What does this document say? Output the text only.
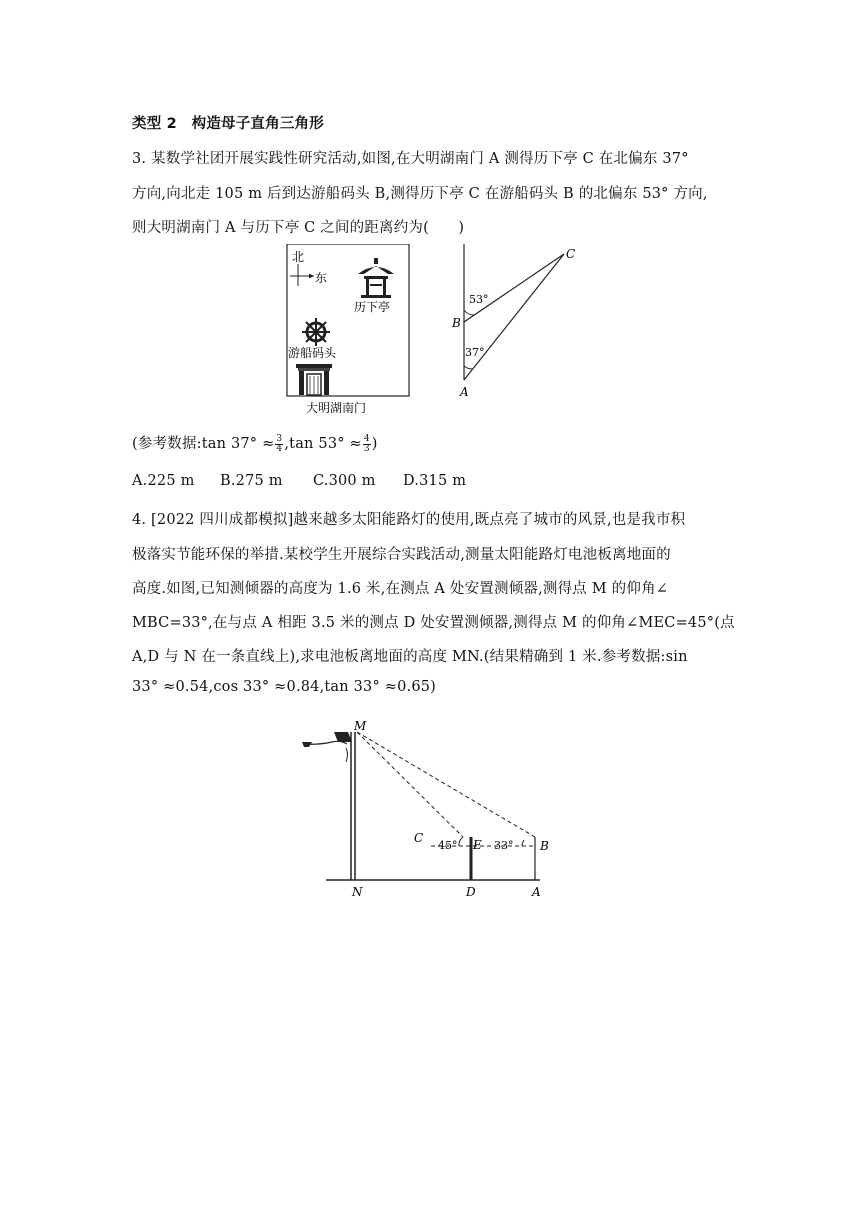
类型 2　构造母子直角三角形
3. 某数学社团开展实践性研究活动,如图,在大明湖南门 A 测得历下亭 C 在北偏东 37°
方向,向北走 105 m 后到达游船码头 B,测得历下亭 C 在游船码头 B 的北偏东 53° 方向,
则大明湖南门 A 与历下亭 C 之间的距离约为(　　)
北
东
历下亭
游船码头
大明湖南门
C
B
A
53°
37°
(参考数据:tan $37^\circ \approx \frac{3}{4} ,\tan$ $53^\circ \approx \frac{4}{3}$ )
A.225 m B.275 m C.300 m D.315 m
4. [2022 四川成都模拟]越来越多太阳能路灯的使用,既点亮了城市的风景,也是我市积
极落实节能环保的举措.某校学生开展综合实践活动,测量太阳能路灯电池板离地面的
高度.如图,已知测倾器的高度为 1.6 米,在测点 A 处安置测倾器,测得点 M 的仰角∠
MBC=33°,在与点 A 相距 3.5 米的测点 D 处安置测倾器,测得点 M 的仰角∠MEC=45°(点
A,D 与 N 在一条直线上),求电池板离地面的高度 MN.(结果精确到 1 米.参考数据:sin
33° ≈0.54,cos 33° ≈0.84,tan 33° ≈0.65)
M
N
C	E	B
D	A
45°	33°
